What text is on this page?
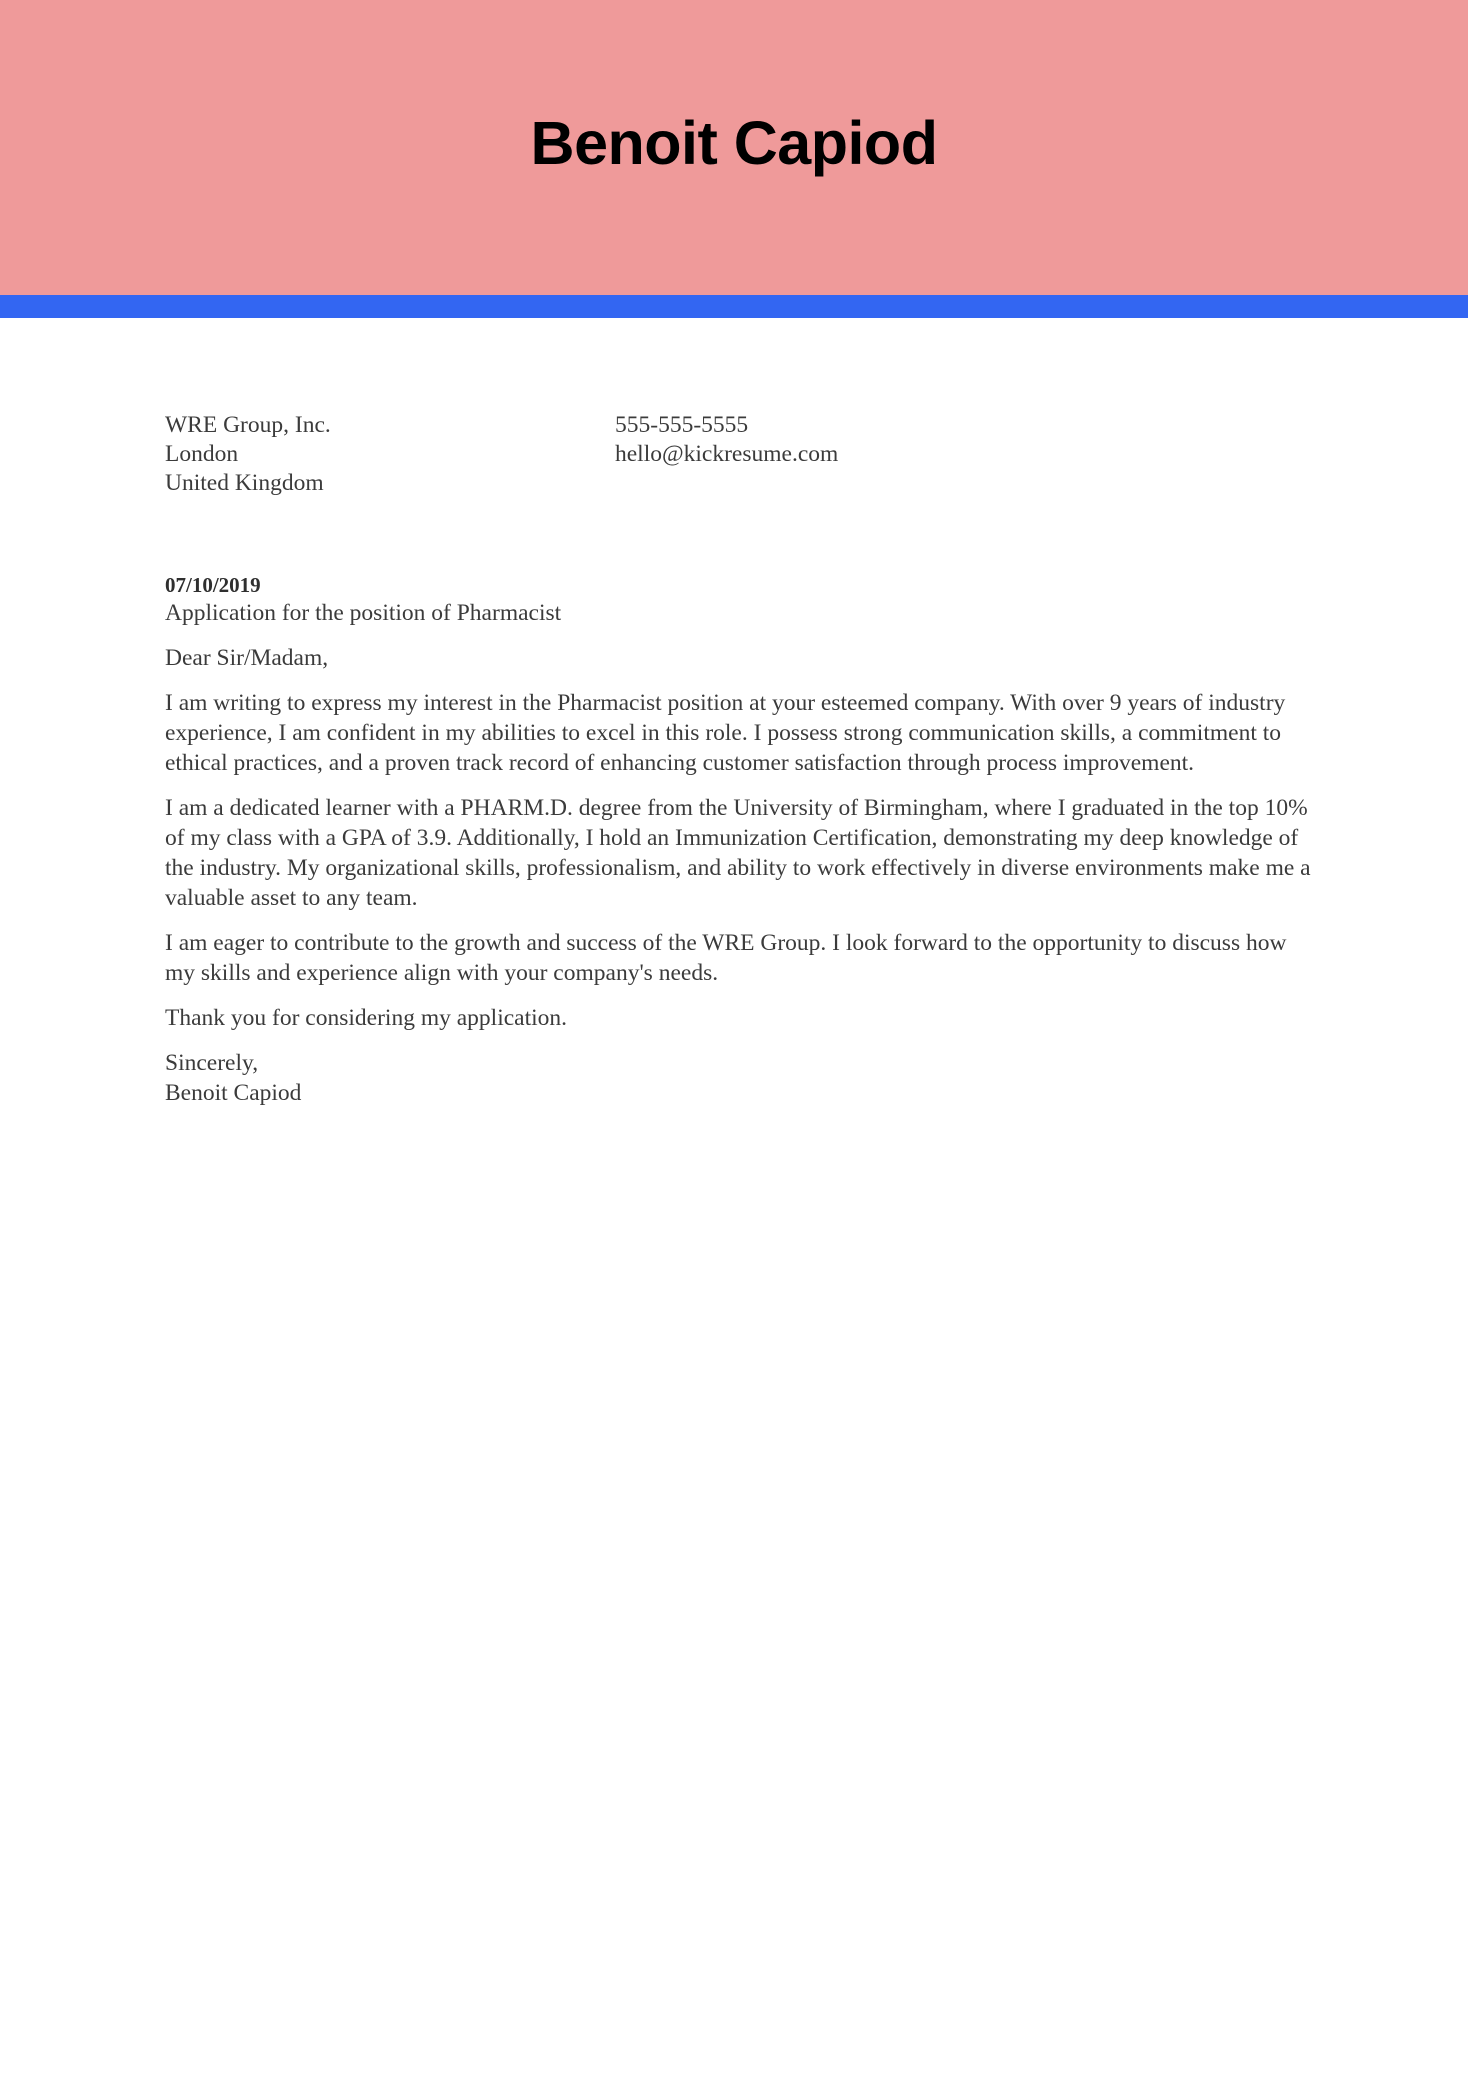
Benoit Capiod
WRE Group, Inc.
London
United Kingdom
555-555-5555
hello@kickresume.com
07/10/2019
Application for the position of Pharmacist
Dear Sir/Madam,

I am writing to express my interest in the Pharmacist position at your esteemed company. With over 9 years of industry experience, I am confident in my abilities to excel in this role. I possess strong communication skills, a commitment to ethical practices, and a proven track record of enhancing customer satisfaction through process improvement.

I am a dedicated learner with a PHARM.D. degree from the University of Birmingham, where I graduated in the top 10% of my class with a GPA of 3.9. Additionally, I hold an Immunization Certification, demonstrating my deep knowledge of the industry. My organizational skills, professionalism, and ability to work effectively in diverse environments make me a valuable asset to any team.

I am eager to contribute to the growth and success of the WRE Group. I look forward to the opportunity to discuss how my skills and experience align with your company's needs.

Thank you for considering my application.

Sincerely,
Benoit Capiod
